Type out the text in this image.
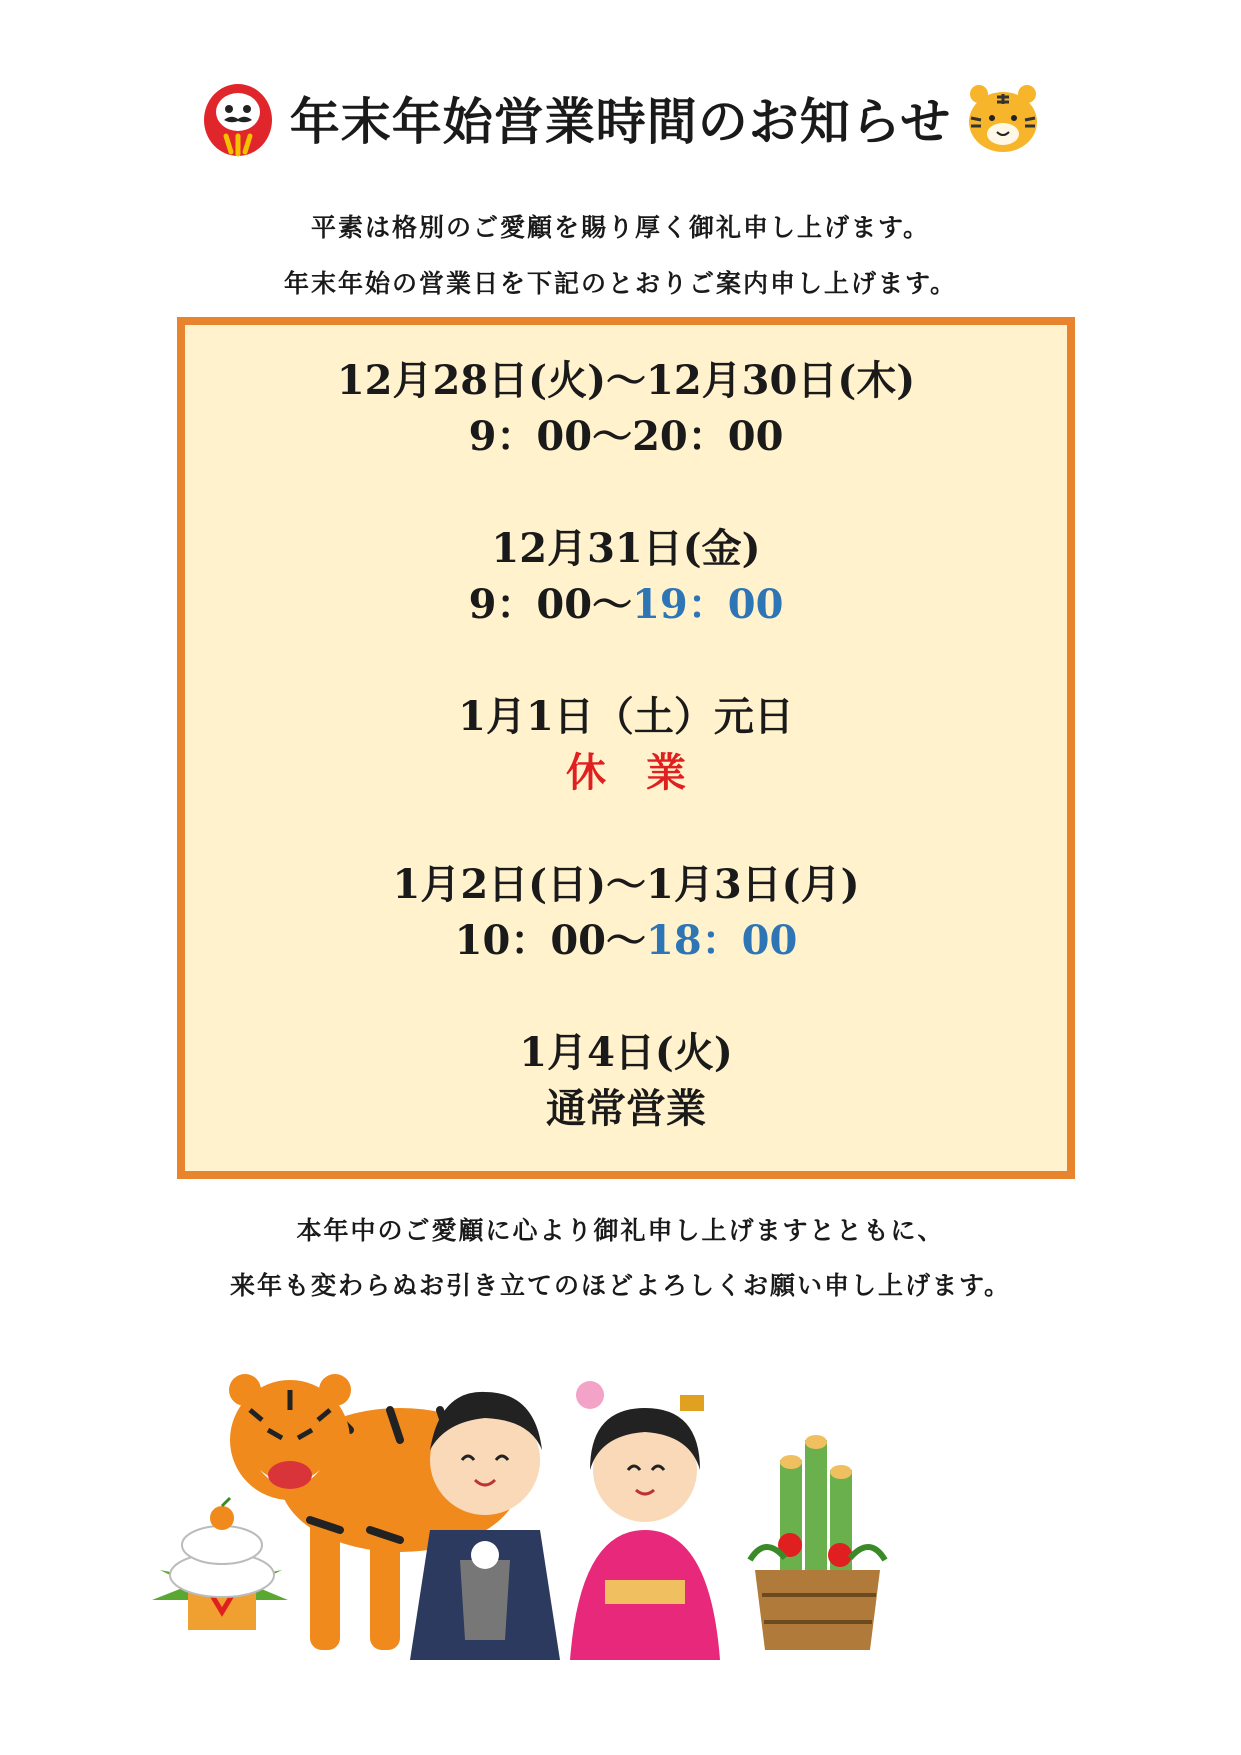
年末年始営業時間のお知らせ
平素は格別のご愛顧を賜り厚く御礼申し上げます。
年末年始の営業日を下記のとおりご案内申し上げます。
12月28日(火)～12月30日(木)
9：00～20：00
12月31日(金)
9：00～19：00
1月1日（土）元日
休業
1月2日(日)～1月3日(月)
10：00～18：00
1月4日(火)
通常営業
本年中のご愛顧に心より御礼申し上げますとともに、
来年も変わらぬお引き立てのほどよろしくお願い申し上げます。
